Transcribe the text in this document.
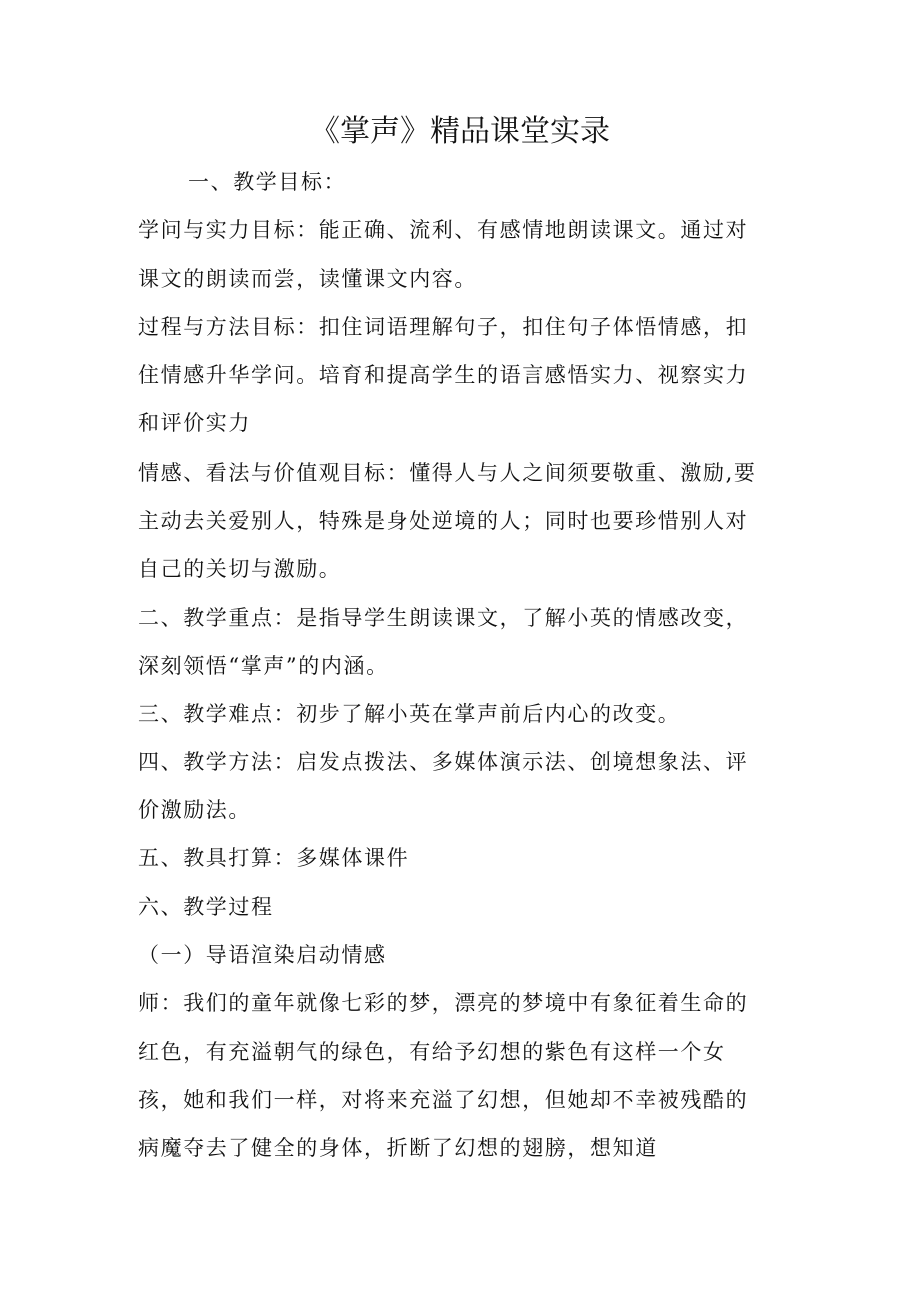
《掌声》精品课堂实录
一、教学目标：
学问与实力目标：能正确、流利、有感情地朗读课文。通过对
课文的朗读而尝，读懂课文内容。
过程与方法目标：扣住词语理解句子，扣住句子体悟情感，扣
住情感升华学问。培育和提高学生的语言感悟实力、视察实力
和评价实力
情感、看法与价值观目标：懂得人与人之间须要敬重、激励,要
主动去关爱别人，特殊是身处逆境的人；同时也要珍惜别人对
自己的关切与激励。
二、教学重点：是指导学生朗读课文，了解小英的情感改变，
深刻领悟“掌声”的内涵。
三、教学难点：初步了解小英在掌声前后内心的改变。
四、教学方法：启发点拨法、多媒体演示法、创境想象法、评
价激励法。
五、教具打算：多媒体课件
六、教学过程
（一）导语渲染启动情感
师：我们的童年就像七彩的梦，漂亮的梦境中有象征着生命的
红色，有充溢朝气的绿色，有给予幻想的紫色有这样一个女
孩，她和我们一样，对将来充溢了幻想，但她却不幸被残酷的
病魔夺去了健全的身体，折断了幻想的翅膀，想知道
